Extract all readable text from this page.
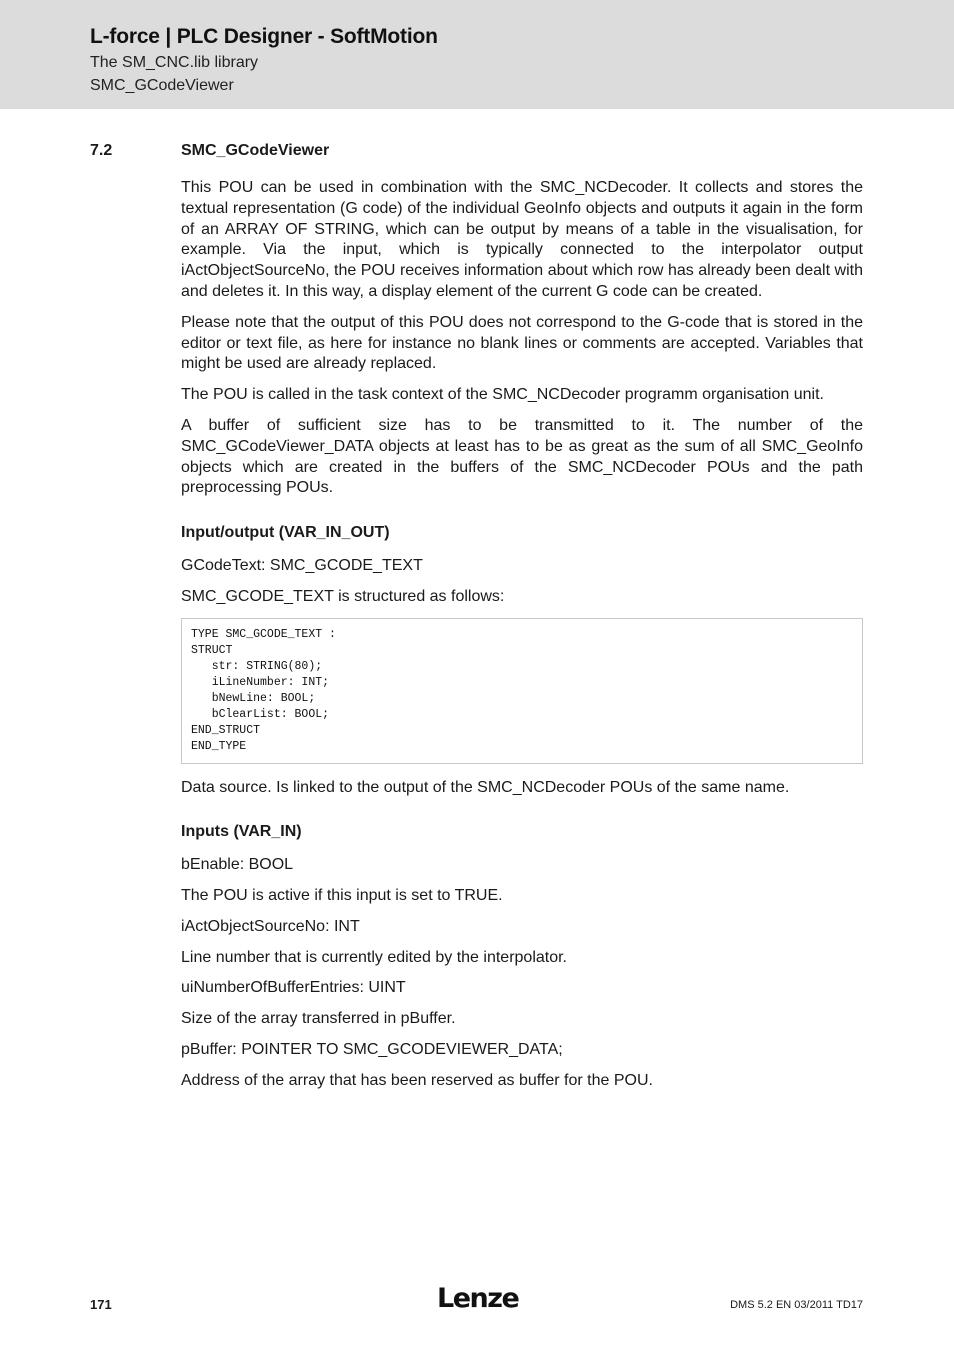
L-force | PLC Designer - SoftMotion
The SM_CNC.lib library
SMC_GCodeViewer
7.2	SMC_GCodeViewer

This POU can be used in combination with the SMC_NCDecoder. It collects and stores the textual representation (G code) of the individual GeoInfo objects and outputs it again in the form of an ARRAY OF STRING, which can be output by means of a table in the visualisation, for example. Via the input, which is typically connected to the interpolator output iActObjectSourceNo, the POU receives information about which row has already been dealt with and deletes it. In this way, a display element of the current G code can be created.

Please note that the output of this POU does not correspond to the G-code that is stored in the editor or text file, as here for instance no blank lines or comments are accepted. Variables that might be used are already replaced.

The POU is called in the task context of the SMC_NCDecoder programm organisation unit.

A buffer of sufficient size has to be transmitted to it. The number of the SMC_GCodeViewer_DATA objects at least has to be as great as the sum of all SMC_GeoInfo objects which are created in the buffers of the SMC_NCDecoder POUs and the path preprocessing POUs.

Input/output (VAR_IN_OUT)

GCodeText: SMC_GCODE_TEXT

SMC_GCODE_TEXT is structured as follows:

TYPE SMC_GCODE_TEXT :
STRUCT
str: STRING(80);
iLineNumber: INT;
bNewLine: BOOL;
bClearList: BOOL;
END_STRUCT
END_TYPE

Data source. Is linked to the output of the SMC_NCDecoder POUs of the same name.

Inputs (VAR_IN)

bEnable: BOOL

The POU is active if this input is set to TRUE.

iActObjectSourceNo: INT

Line number that is currently edited by the interpolator.

uiNumberOfBufferEntries: UINT

Size of the array transferred in pBuffer.

pBuffer: POINTER TO SMC_GCODEVIEWER_DATA;

Address of the array that has been reserved as buffer for the POU.

171	Lenze	DMS 5.2 EN 03/2011 TD17
